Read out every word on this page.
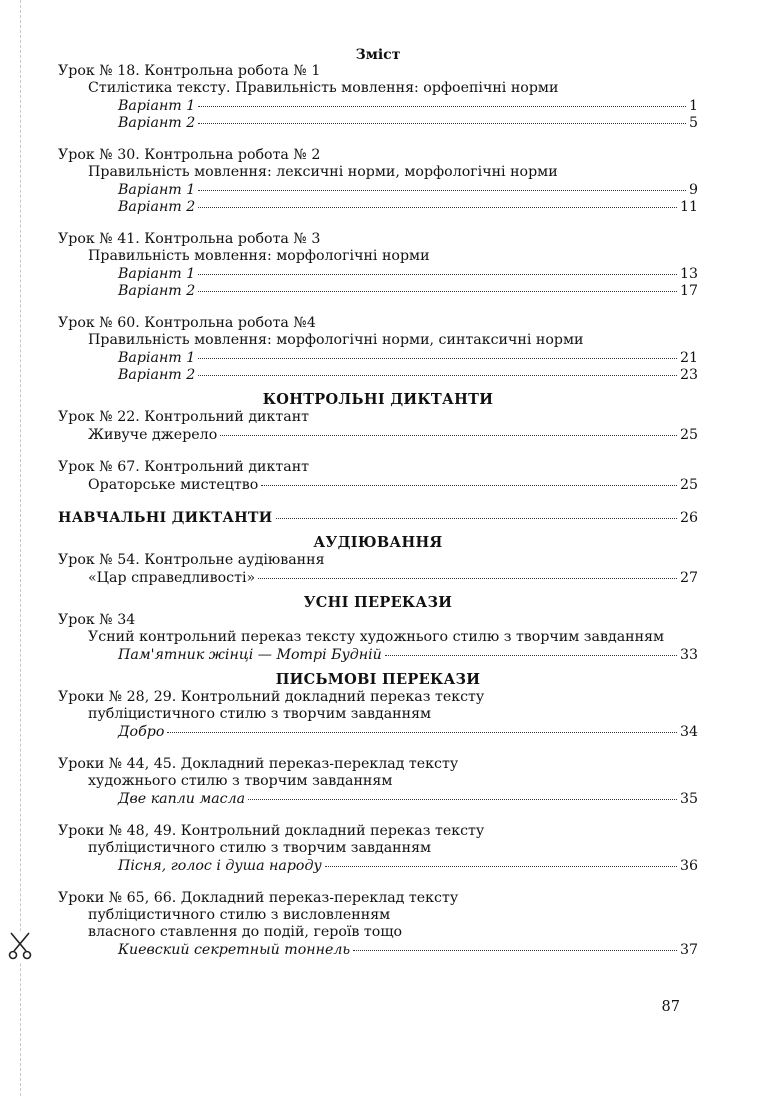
Зміст
Урок № 18. Контрольна робота № 1
Стилістика тексту. Правильність мовлення: орфоепічні норми
Варіант 1	1
Варіант 2	5
Урок № 30. Контрольна робота № 2
Правильність мовлення: лексичні норми, морфологічні норми
Варіант 1	9
Варіант 2	11
Урок № 41. Контрольна робота № 3
Правильність мовлення: морфологічні норми
Варіант 1	13
Варіант 2	17
Урок № 60. Контрольна робота №4
Правильність мовлення: морфологічні норми, синтаксичні норми
Варіант 1	21
Варіант 2	23
КОНТРОЛЬНІ ДИКТАНТИ
Урок № 22. Контрольний диктант
Живуче джерело	25
Урок № 67. Контрольний диктант
Ораторське мистецтво	25
НАВЧАЛЬНІ ДИКТАНТИ	26
АУДІЮВАННЯ
Урок № 54. Контрольне аудіювання
«Цар справедливості»	27
УСНІ ПЕРЕКАЗИ
Урок № 34
Усний контрольний переказ тексту художнього стилю з творчим завданням
Пам'ятник жінці — Мотрі Будній	33
ПИСЬМОВІ ПЕРЕКАЗИ
Уроки № 28, 29. Контрольний докладний переказ тексту
публіцистичного стилю з творчим завданням
Добро	34
Уроки № 44, 45. Докладний переказ-переклад тексту
художнього стилю з творчим завданням
Две капли масла	35
Уроки № 48, 49. Контрольний докладний переказ тексту
публіцистичного стилю з творчим завданням
Пісня, голос і душа народу	36
Уроки № 65, 66. Докладний переказ-переклад тексту
публіцистичного стилю з висловленням
власного ставлення до подій, героїв тощо
Киевский секретный тоннель	37
87
